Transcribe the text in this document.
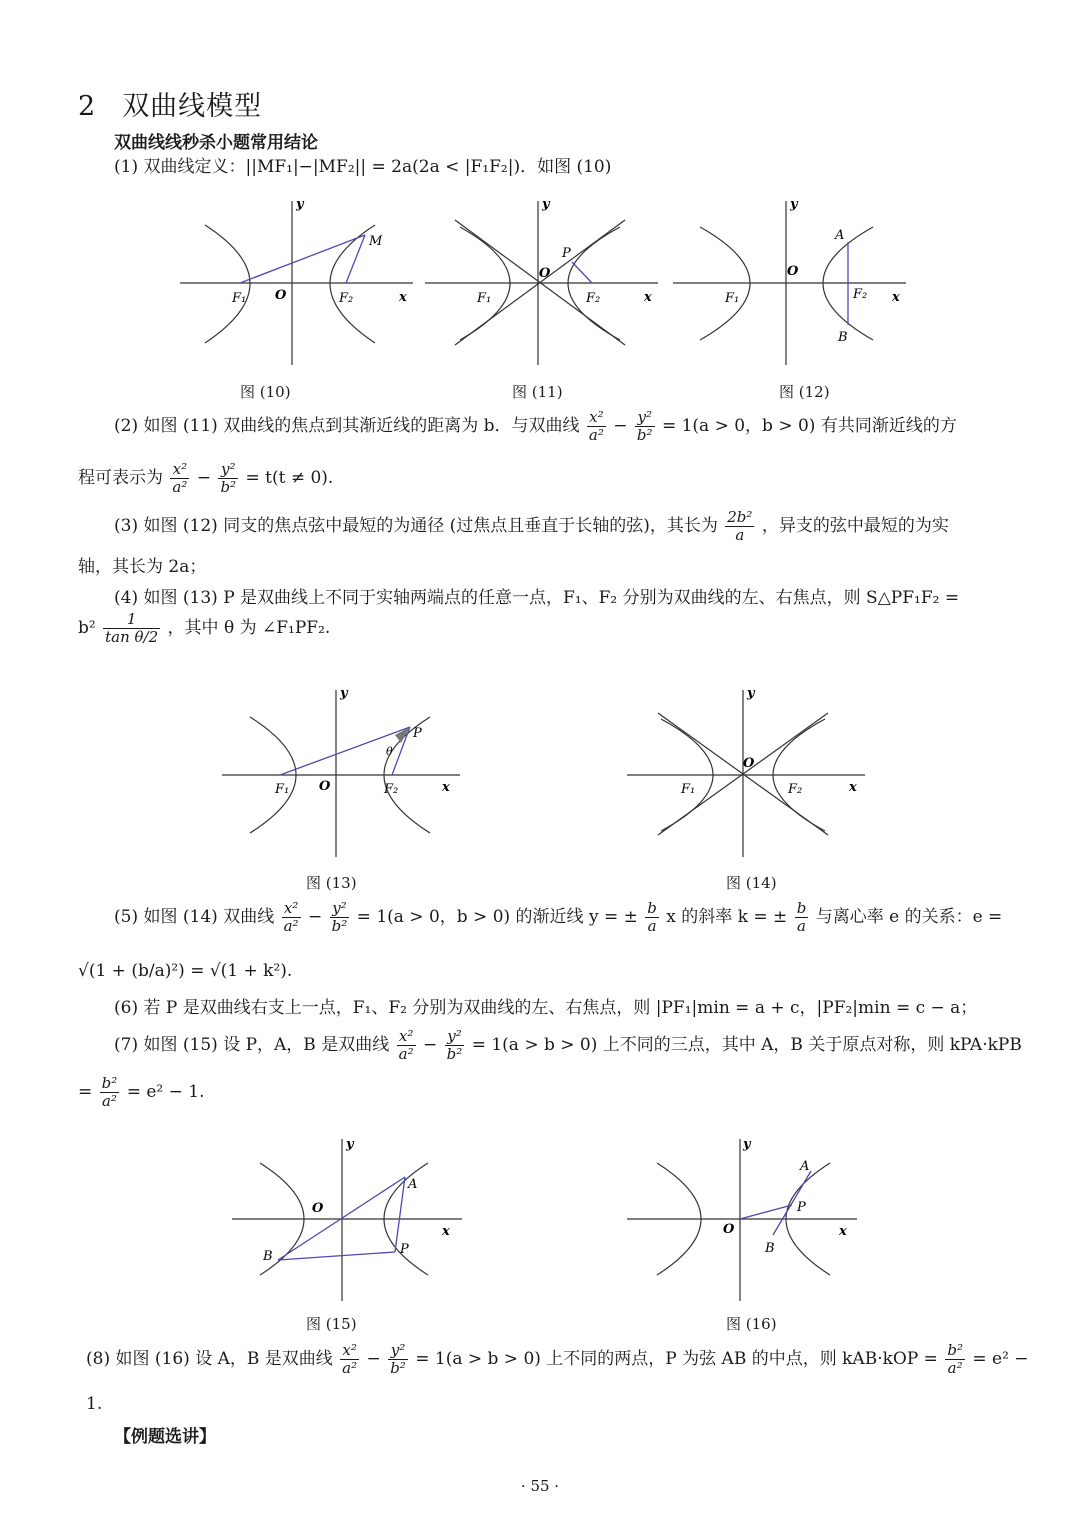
2 双曲线模型
双曲线线秒杀小题常用结论
(1) 双曲线定义：||MF₁|−|MF₂|| = 2a(2a < |F₁F₂|)．如图 (10)
y
x
O
F₁	F₂
M
y
x
O
F₁	F₂
P
y
x
O
F₁	F₂
A
B
图 (10)	图 (11)	图 (12)
(2) 如图 (11) 双曲线的焦点到其渐近线的距离为 b．与双曲线 $\frac{\text{x²}}{\text{a²}} - \frac{\text{y²}}{\text{b²}} = 1(a > 0$，b > 0) 有共同渐近线的方
程可表示为 $\frac{\text{x²}}{\text{a²}} - \frac{\text{y²}}{\text{b²}} = t(t \ne 0)$.
(3) 如图 (12) 同支的焦点弦中最短的为通径 (过焦点且垂直于长轴的弦)，其长为 $\frac{\text{2b²}}{a}$ ，异支的弦中最短的为实
轴，其长为 2a；
(4) 如图 (13) P 是双曲线上不同于实轴两端点的任意一点，F₁、F₂ 分别为双曲线的左、右焦点，则 S△PF₁F₂ =
$b^2 \frac{1}{\text{tan θ/2}}$ ，其中 θ 为 ∠F₁PF₂.
y
x
O
F₁	F₂
P
θ
y
x
O
F₁	F₂
图 (13)	图 (14)
(5) 如图 (14) 双曲线 $\frac{\text{x²}}{\text{a²}} - \frac{\text{y²}}{\text{b²}} = 1(a > 0$，b > 0) 的渐近线 y = ± $\frac{b}{a}$ x 的斜率 k = ± $\frac{b}{a}$ 与离心率 e 的关系：e =
√(1 + (b/a)²) = √(1 + k²).
(6) 若 P 是双曲线右支上一点，F₁、F₂ 分别为双曲线的左、右焦点，则 |PF₁|min = a + c，|PF₂|min = c − a；
(7) 如图 (15) 设 P，A，B 是双曲线 $\frac{\text{x²}}{\text{a²}} - \frac{\text{y²}}{\text{b²}} = 1(a > b > 0)$ 上不同的三点，其中 A，B 关于原点对称，则 kPA·kPB
= $\frac{\text{b²}}{\text{a²}} = e^2 - 1$.
y
x
O
A
B	P
y
x
O
A
B
P
图 (15)	图 (16)
(8) 如图 (16) 设 A，B 是双曲线 $\frac{\text{x²}}{\text{a²}} - \frac{\text{y²}}{\text{b²}} = 1(a > b > 0)$ 上不同的两点，P 为弦 AB 的中点，则 $kAB\cdot kOP = \frac{\text{b²}}{\text{a²}} = e^2$ −
1.
【例题选讲】
· 55 ·
